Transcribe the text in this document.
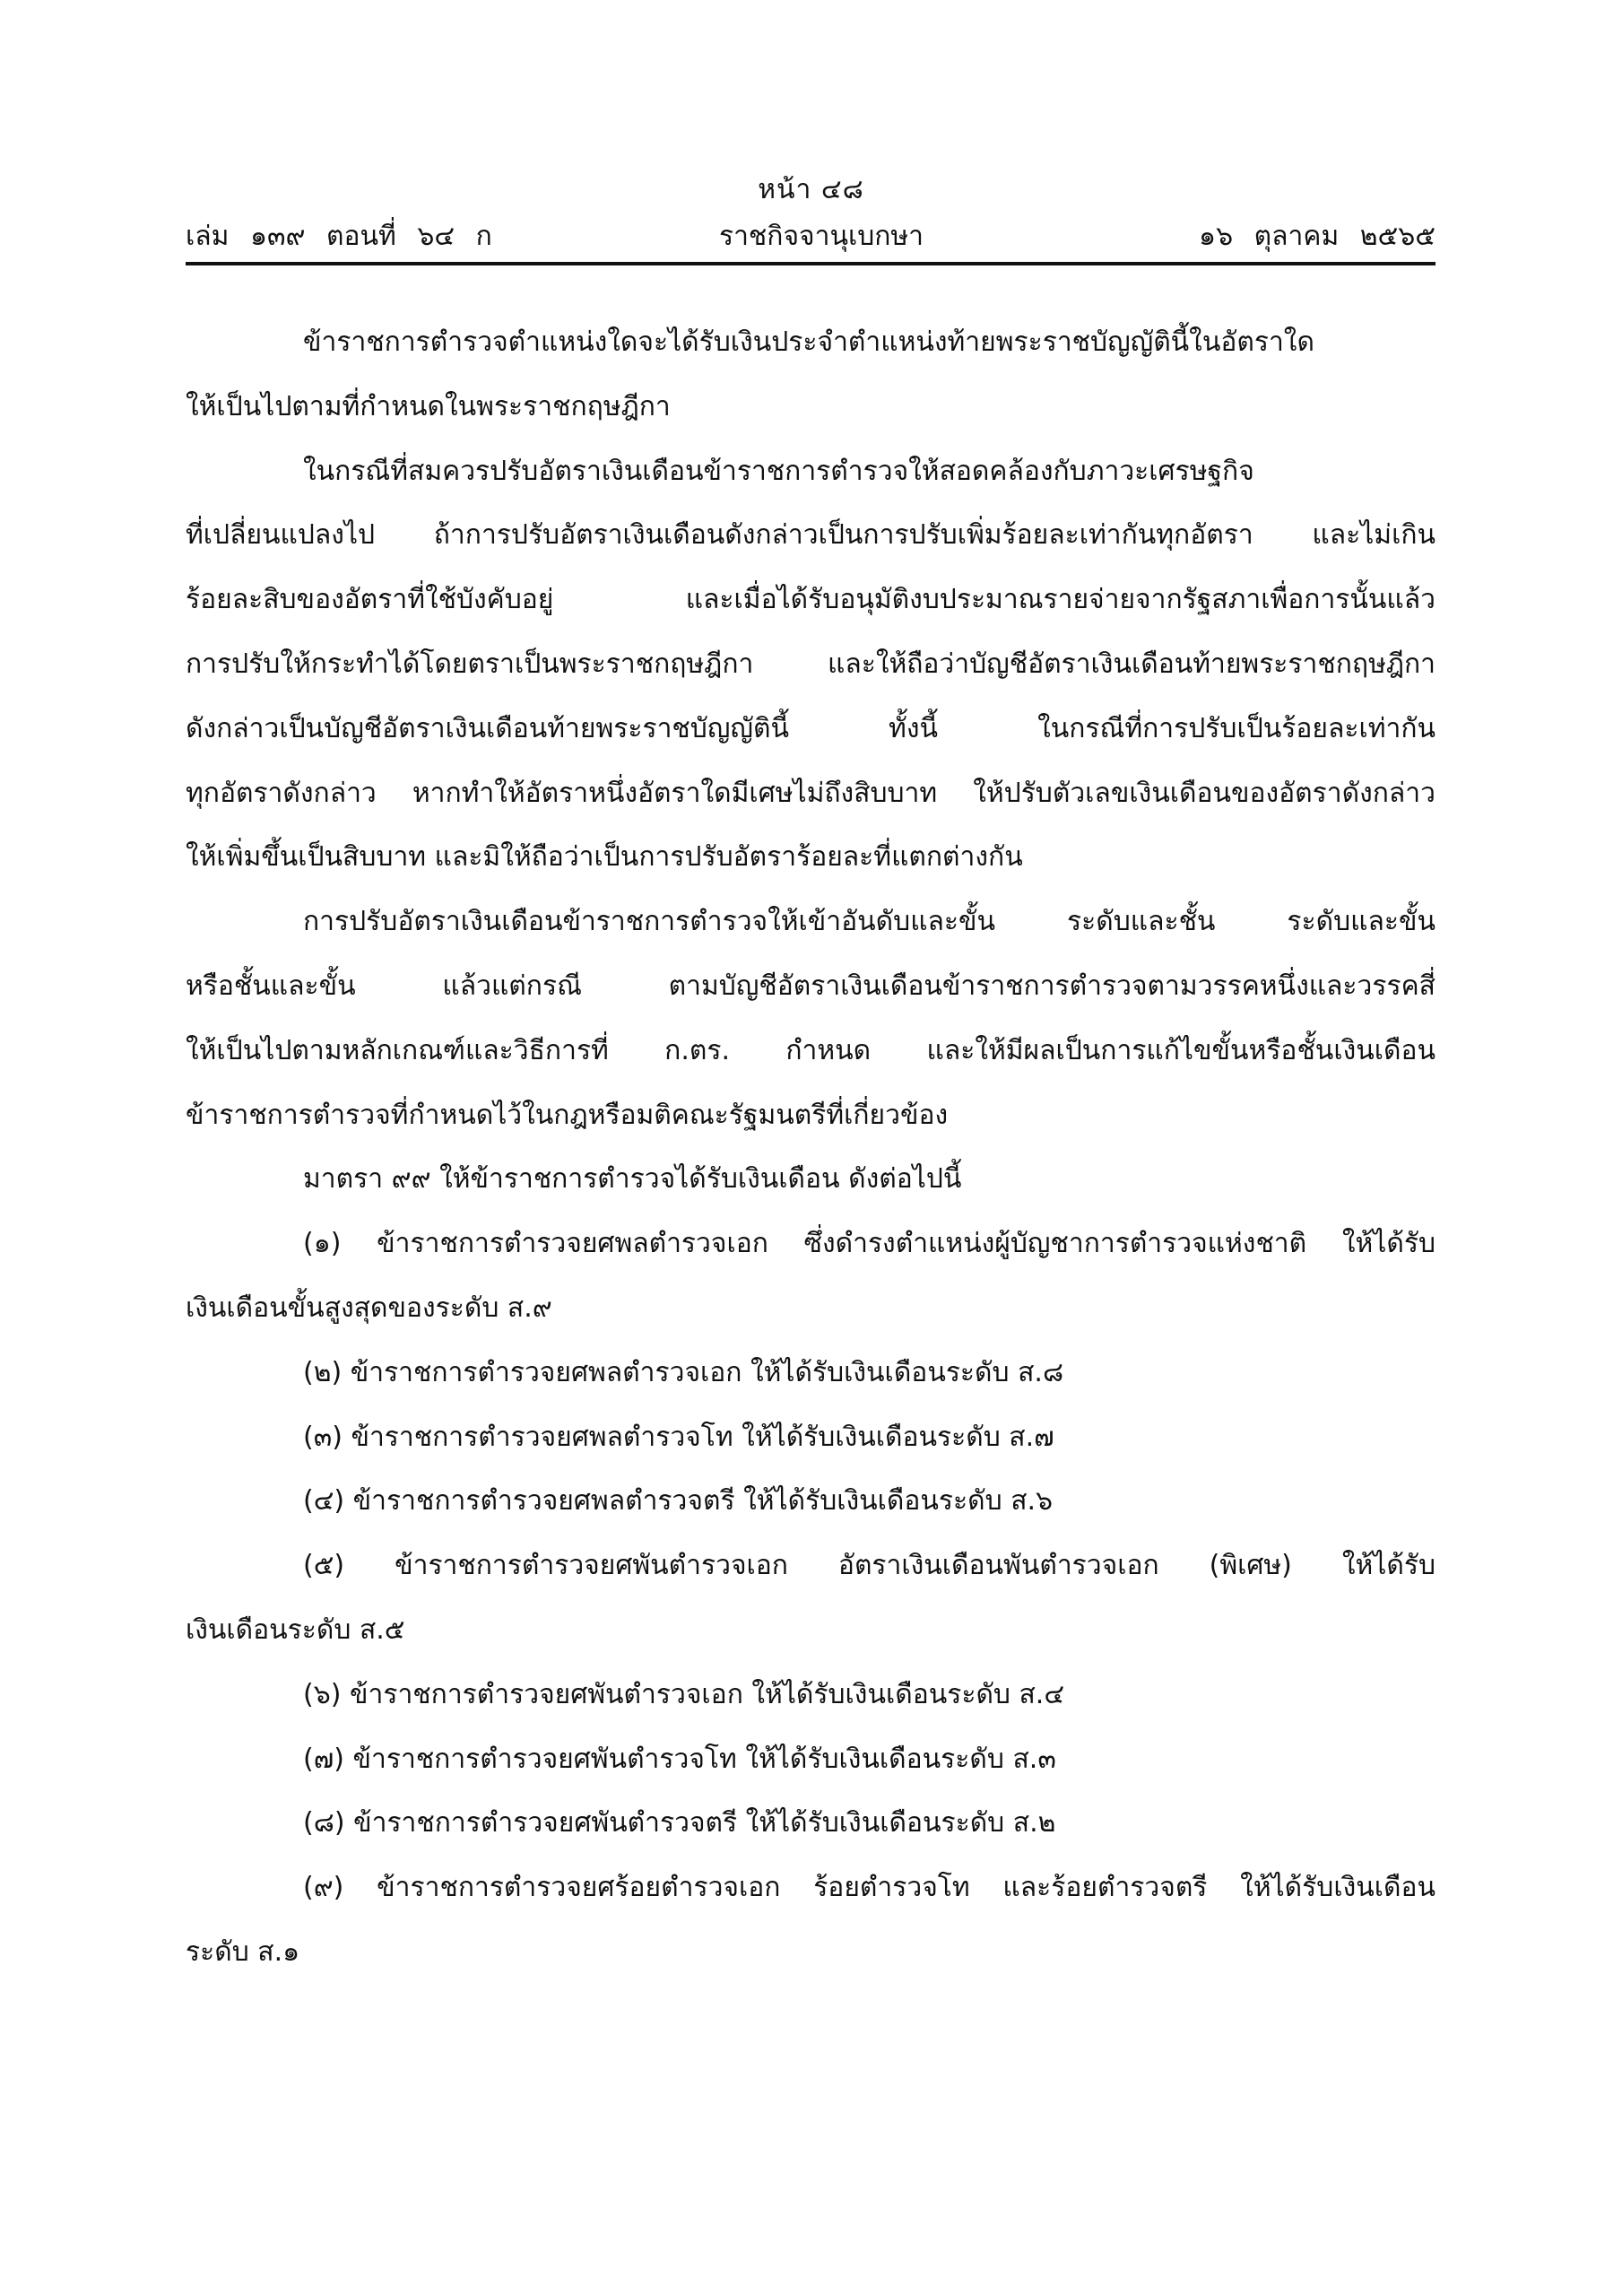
หน้า ๔๘
เล่ม ๑๓๙ ตอนที่ ๖๔ ก	ราชกิจจานุเบกษา	๑๖ ตุลาคม ๒๕๖๕
ข้าราชการตำรวจตำแหน่งใดจะได้รับเงินประจำตำแหน่งท้ายพระราชบัญญัตินี้ในอัตราใด
ให้เป็นไปตามที่กำหนดในพระราชกฤษฎีกา
ในกรณีที่สมควรปรับอัตราเงินเดือนข้าราชการตำรวจให้สอดคล้องกับภาวะเศรษฐกิจ
ที่เปลี่ยนแปลงไป ถ้าการปรับอัตราเงินเดือนดังกล่าวเป็นการปรับเพิ่มร้อยละเท่ากันทุกอัตรา และไม่เกิน
ร้อยละสิบของอัตราที่ใช้บังคับอยู่ และเมื่อได้รับอนุมัติงบประมาณรายจ่ายจากรัฐสภาเพื่อการนั้นแล้ว
การปรับให้กระทำได้โดยตราเป็นพระราชกฤษฎีกา และให้ถือว่าบัญชีอัตราเงินเดือนท้ายพระราชกฤษฎีกา
ดังกล่าวเป็นบัญชีอัตราเงินเดือนท้ายพระราชบัญญัตินี้ ทั้งนี้ ในกรณีที่การปรับเป็นร้อยละเท่ากัน
ทุกอัตราดังกล่าว หากทำให้อัตราหนึ่งอัตราใดมีเศษไม่ถึงสิบบาท ให้ปรับตัวเลขเงินเดือนของอัตราดังกล่าว
ให้เพิ่มขึ้นเป็นสิบบาท และมิให้ถือว่าเป็นการปรับอัตราร้อยละที่แตกต่างกัน
การปรับอัตราเงินเดือนข้าราชการตำรวจให้เข้าอันดับและขั้น ระดับและชั้น ระดับและขั้น
หรือชั้นและขั้น แล้วแต่กรณี ตามบัญชีอัตราเงินเดือนข้าราชการตำรวจตามวรรคหนึ่งและวรรคสี่
ให้เป็นไปตามหลักเกณฑ์และวิธีการที่ ก.ตร. กำหนด และให้มีผลเป็นการแก้ไขขั้นหรือชั้นเงินเดือน
ข้าราชการตำรวจที่กำหนดไว้ในกฎหรือมติคณะรัฐมนตรีที่เกี่ยวข้อง
มาตรา ๙๙ ให้ข้าราชการตำรวจได้รับเงินเดือน ดังต่อไปนี้
(๑) ข้าราชการตำรวจยศพลตำรวจเอก ซึ่งดำรงตำแหน่งผู้บัญชาการตำรวจแห่งชาติ ให้ได้รับ
เงินเดือนขั้นสูงสุดของระดับ ส.๙
(๒) ข้าราชการตำรวจยศพลตำรวจเอก ให้ได้รับเงินเดือนระดับ ส.๘
(๓) ข้าราชการตำรวจยศพลตำรวจโท ให้ได้รับเงินเดือนระดับ ส.๗
(๔) ข้าราชการตำรวจยศพลตำรวจตรี ให้ได้รับเงินเดือนระดับ ส.๖
(๕) ข้าราชการตำรวจยศพันตำรวจเอก อัตราเงินเดือนพันตำรวจเอก (พิเศษ) ให้ได้รับ
เงินเดือนระดับ ส.๕
(๖) ข้าราชการตำรวจยศพันตำรวจเอก ให้ได้รับเงินเดือนระดับ ส.๔
(๗) ข้าราชการตำรวจยศพันตำรวจโท ให้ได้รับเงินเดือนระดับ ส.๓
(๘) ข้าราชการตำรวจยศพันตำรวจตรี ให้ได้รับเงินเดือนระดับ ส.๒
(๙) ข้าราชการตำรวจยศร้อยตำรวจเอก ร้อยตำรวจโท และร้อยตำรวจตรี ให้ได้รับเงินเดือน
ระดับ ส.๑
